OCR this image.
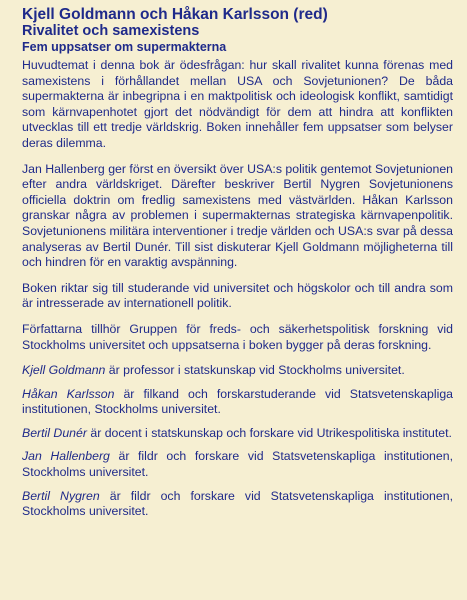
Kjell Goldmann och Håkan Karlsson (red)
Rivalitet och samexistens
Fem uppsatser om supermakterna

Huvudtemat i denna bok är ödesfrågan: hur skall rivalitet kunna förenas med samexistens i förhållandet mellan USA och Sovjetunionen? De båda supermakterna är inbegripna i en maktpolitisk och ideologisk konflikt, samtidigt som kärnvapenhotet gjort det nödvändigt för dem att hindra att konflikten utvecklas till ett tredje världskrig. Boken innehåller fem uppsatser som belyser deras dilemma.

Jan Hallenberg ger först en översikt över USA:s politik gentemot Sovjetunionen efter andra världskriget. Därefter beskriver Bertil Nygren Sovjetunionens officiella doktrin om fredlig samexistens med västvärlden. Håkan Karlsson granskar några av problemen i supermakternas strategiska kärnvapenpolitik. Sovjetunionens militära interventioner i tredje världen och USA:s svar på dessa analyseras av Bertil Dunér. Till sist diskuterar Kjell Goldmann möjligheterna till och hindren för en varaktig avspänning.

Boken riktar sig till studerande vid universitet och högskolor och till andra som är intresserade av internationell politik.

Författarna tillhör Gruppen för freds- och säkerhetspolitisk forskning vid Stockholms universitet och uppsatserna i boken bygger på deras forskning.

Kjell Goldmann är professor i statskunskap vid Stockholms universitet.

Håkan Karlsson är filkand och forskarstuderande vid Statsvetenskapliga institutionen, Stockholms universitet.

Bertil Dunér är docent i statskunskap och forskare vid Utrikespolitiska institutet.

Jan Hallenberg är fildr och forskare vid Statsvetenskapliga institutionen, Stockholms universitet.

Bertil Nygren är fildr och forskare vid Statsvetenskapliga institutionen, Stockholms universitet.
